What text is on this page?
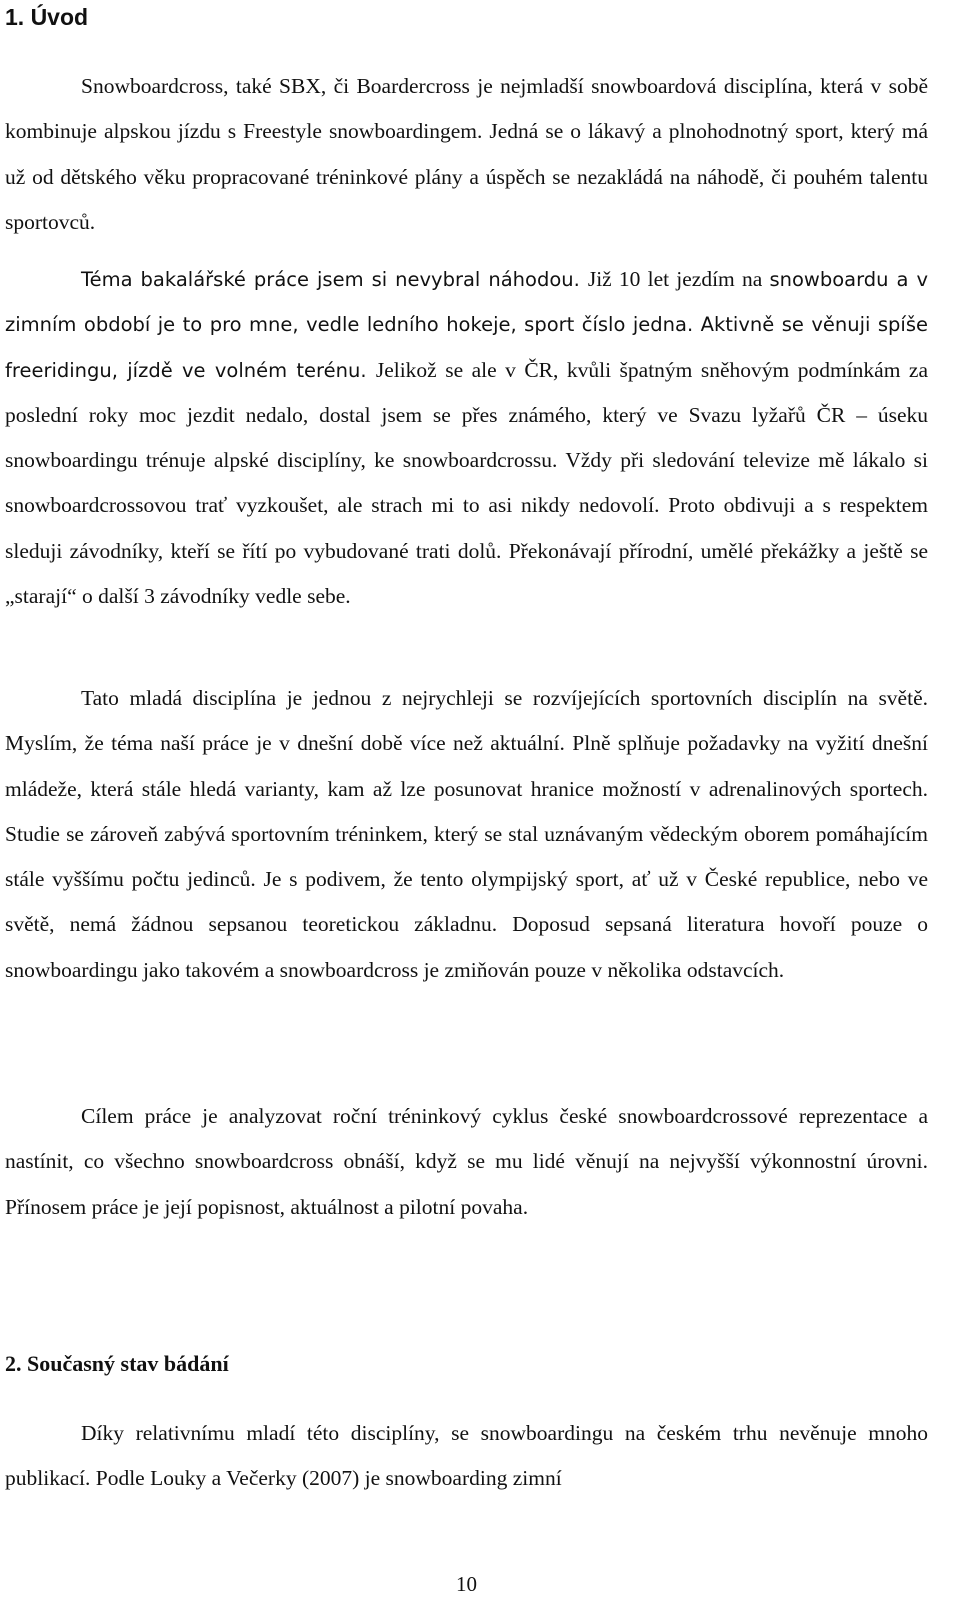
1. Úvod

Snowboardcross, také SBX, či Boardercross je nejmladší snowboardová disciplína, která v sobě kombinuje alpskou jízdu s Freestyle snowboardingem. Jedná se o lákavý a plnohodnotný sport, který má už od dětského věku propracované tréninkové plány a úspěch se nezakládá na náhodě, či pouhém talentu sportovců.

Téma bakalářské práce jsem si nevybral náhodou. Již 10 let jezdím na snowboardu a v zimním období je to pro mne, vedle ledního hokeje, sport číslo jedna. Aktivně se věnuji spíše freeridingu, jízdě ve volném terénu. Jelikož se ale v ČR, kvůli špatným sněhovým podmínkám za poslední roky moc jezdit nedalo, dostal jsem se přes známého, který ve Svazu lyžařů ČR – úseku snowboardingu trénuje alpské disciplíny, ke snowboardcrossu. Vždy při sledování televize mě lákalo si snowboardcrossovou trať vyzkoušet, ale strach mi to asi nikdy nedovolí. Proto obdivuji a s respektem sleduji závodníky, kteří se řítí po vybudované trati dolů. Překonávají přírodní, umělé překážky a ještě se „starají“ o další 3 závodníky vedle sebe.

Tato mladá disciplína je jednou z nejrychleji se rozvíjejících sportovních disciplín na světě. Myslím, že téma naší práce je v dnešní době více než aktuální. Plně splňuje požadavky na vyžití dnešní mládeže, která stále hledá varianty, kam až lze posunovat hranice možností v adrenalinových sportech. Studie se zároveň zabývá sportovním tréninkem, který se stal uznávaným vědeckým oborem pomáhajícím stále vyššímu počtu jedinců. Je s podivem, že tento olympijský sport, ať už v České republice, nebo ve světě, nemá žádnou sepsanou teoretickou základnu. Doposud sepsaná literatura hovoří pouze o snowboardingu jako takovém a snowboardcross je zmiňován pouze v několika odstavcích.

Cílem práce je analyzovat roční tréninkový cyklus české snowboardcrossové reprezentace a nastínit, co všechno snowboardcross obnáší, když se mu lidé věnují na nejvyšší výkonnostní úrovni. Přínosem práce je její popisnost, aktuálnost a pilotní povaha.

2. Současný stav bádání

Díky relativnímu mladí této disciplíny, se snowboardingu na českém trhu nevěnuje mnoho publikací. Podle Louky a Večerky (2007) je snowboarding zimní

10
